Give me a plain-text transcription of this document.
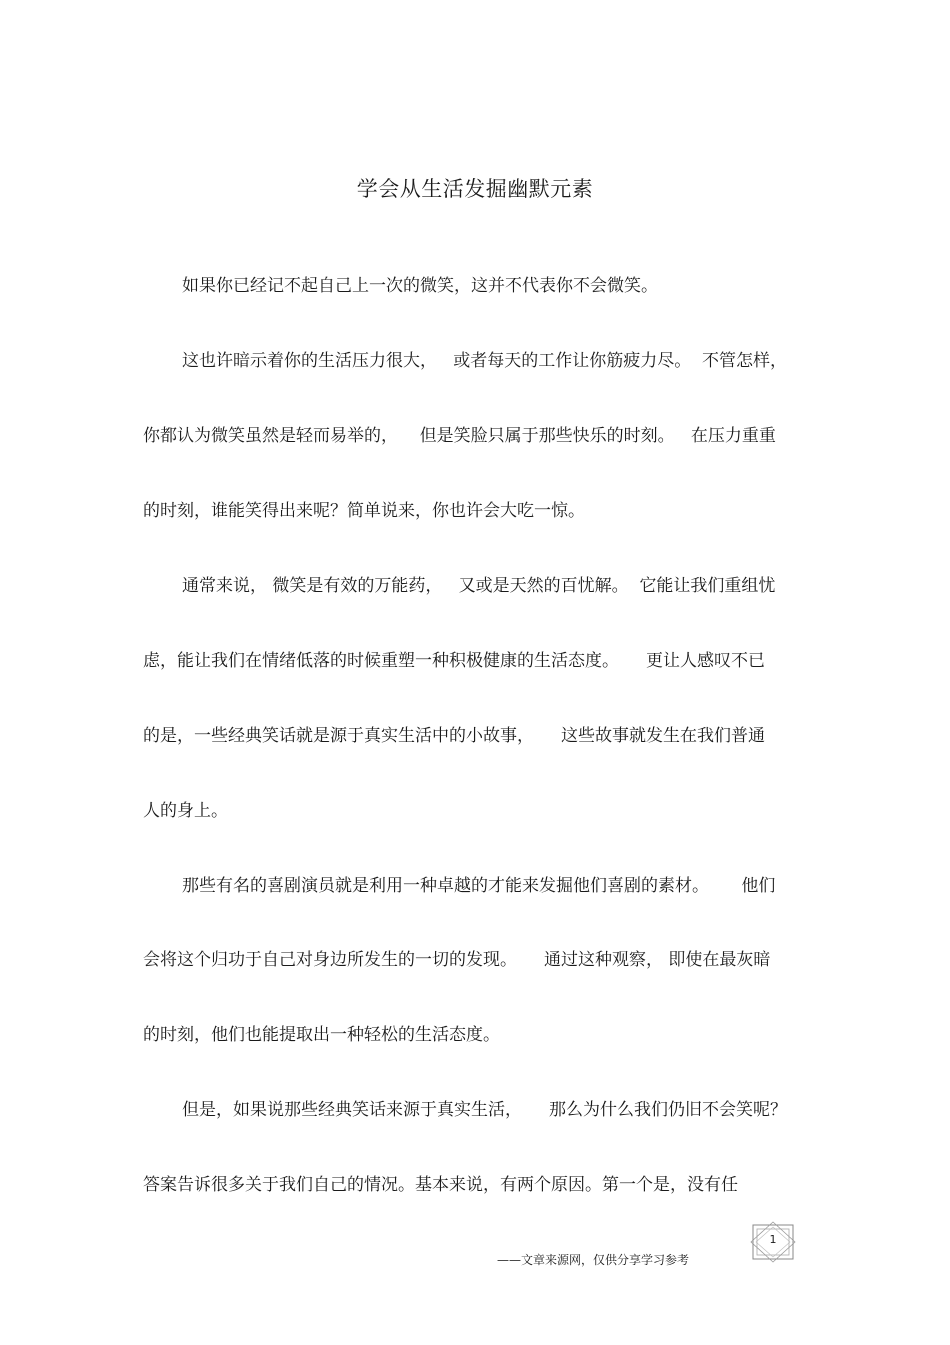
学会从生活发掘幽默元素
如果你已经记不起自己上一次的微笑，这并不代表你不会微笑。
这也许暗示着你的生活压力很大，   或者每天的工作让你筋疲力尽。  不管怎样，
你都认为微笑虽然是轻而易举的，    但是笑脸只属于那些快乐的时刻。   在压力重重
的时刻，谁能笑得出来呢？简单说来，你也许会大吃一惊。
通常来说， 微笑是有效的万能药，   又或是天然的百忧解。  它能让我们重组忧
虑，能让我们在情绪低落的时候重塑一种积极健康的生活态度。     更让人感叹不已
的是，一些经典笑话就是源于真实生活中的小故事，     这些故事就发生在我们普通
人的身上。
那些有名的喜剧演员就是利用一种卓越的才能来发掘他们喜剧的素材。      他们
会将这个归功于自己对身边所发生的一切的发现。     通过这种观察， 即使在最灰暗
的时刻，他们也能提取出一种轻松的生活态度。
但是，如果说那些经典笑话来源于真实生活，     那么为什么我们仍旧不会笑呢？
答案告诉很多关于我们自己的情况。基本来说，有两个原因。第一个是，没有任
1
——文章来源网，仅供分享学习参考
